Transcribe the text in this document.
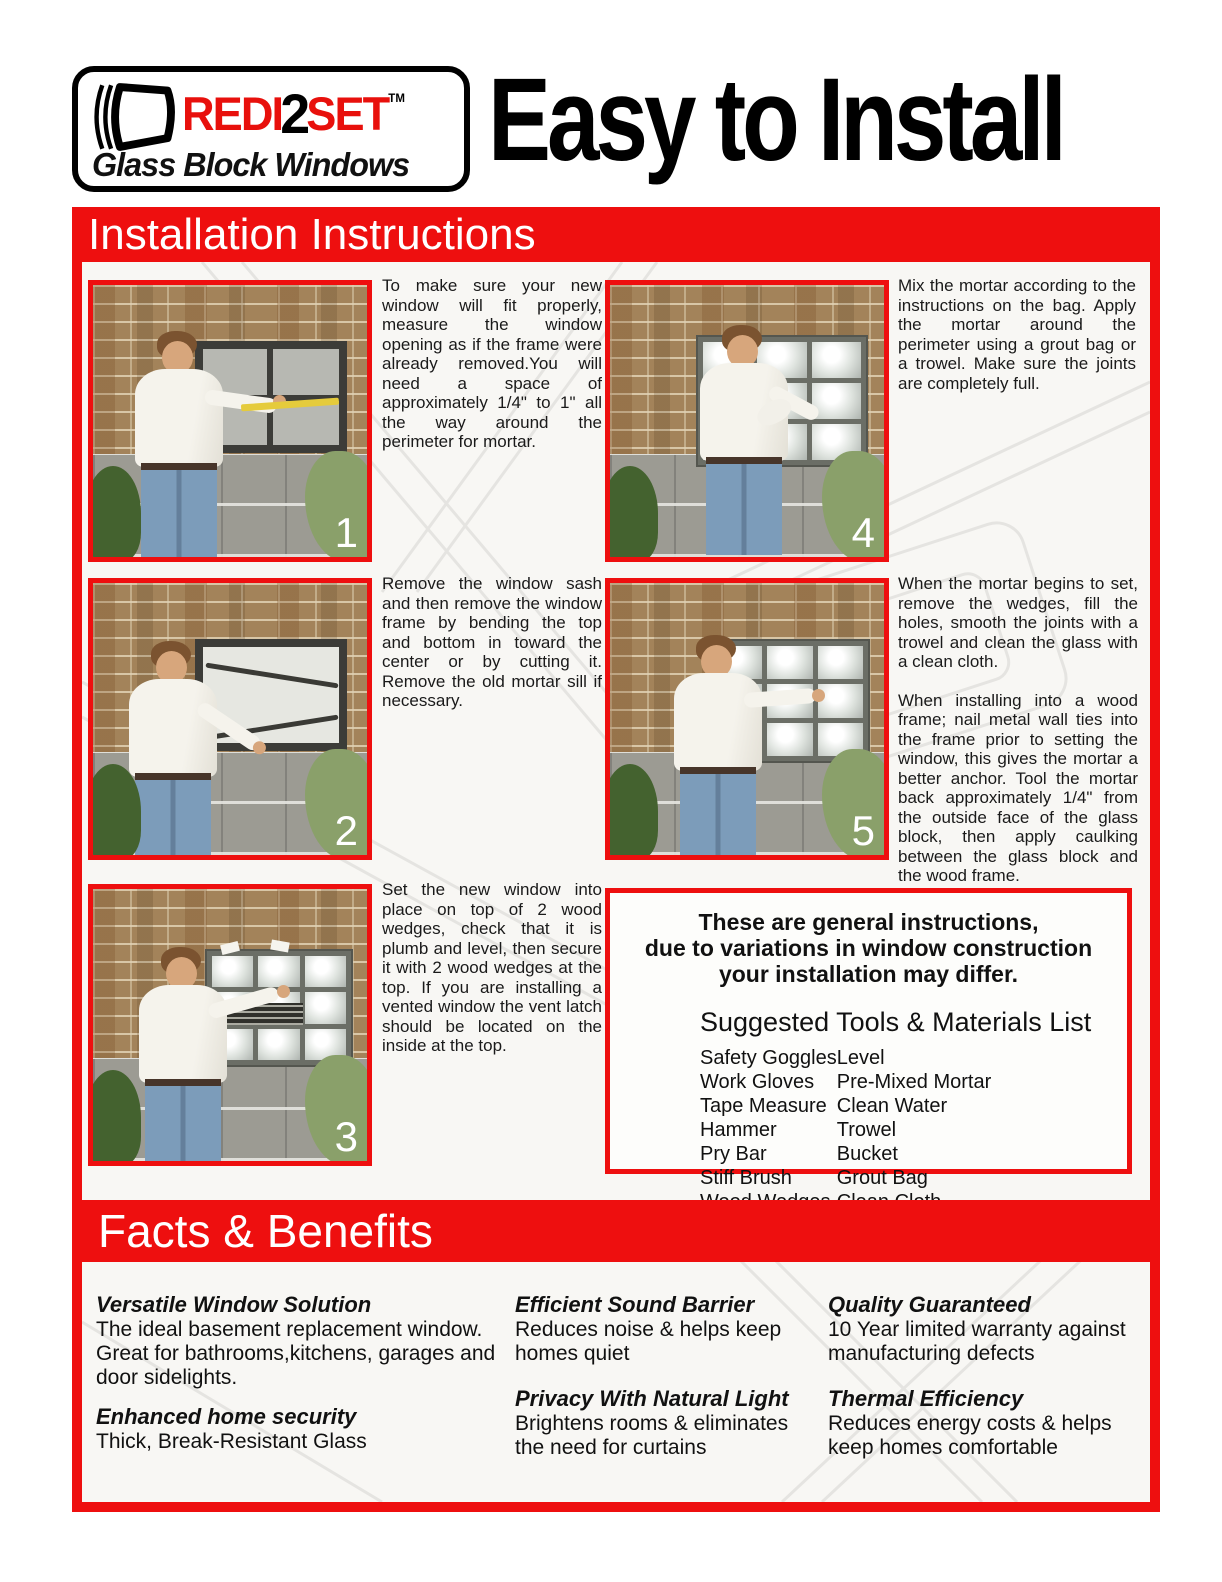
REDI2SET™
Glass Block Windows Easy to Install
Installation Instructions
1

To make sure your new window will fit properly, measure the window opening as if the frame were already removed.You will need a space of approximately 1/4" to 1" all the way around the perimeter for mortar.

2

Remove the window sash and then remove the window frame by bending the top and bottom in toward the center or by cutting it. Remove the old mortar sill if necessary.

3

Set the new window into place on top of 2 wood wedges, check that it is plumb and level, then secure it with 2 wood wedges at the top. If you are installing a vented window the vent latch should be located on the inside at the top.

4

Mix the mortar according to the instructions on the bag. Apply the mortar around the perimeter using a grout bag or a trowel. Make sure the joints are completely full.

5

When the mortar begins to set, remove the wedges, fill the holes, smooth the joints with a trowel and clean the glass with a clean cloth.

When installing into a wood frame; nail metal wall ties into the frame prior to setting the window, this gives the mortar a better anchor. Tool the mortar back approximately 1/4" from the outside face of the glass block, then apply caulking between the glass block and the wood frame.

These are general instructions,
due to variations in window construction
your installation may differ.
Suggested Tools & Materials List
Safety Goggles
Work Gloves
Tape Measure
Hammer
Pry Bar
Stiff Brush
Level
Pre-Mixed Mortar
Clean Water
Trowel
Bucket
Grout Bag
Facts & Benefits
Versatile Window Solution

The ideal basement replacement window. Great for bathrooms,kitchens, garages and door sidelights.

Enhanced home security

Thick, Break-Resistant Glass

Efficient Sound Barrier

Reduces noise & helps keep homes quiet

Privacy With Natural Light

Brightens rooms & eliminates the need for curtains

Quality Guaranteed

10 Year limited warranty against manufacturing defects

Thermal Efficiency

Reduces energy costs & helps keep homes comfortable
